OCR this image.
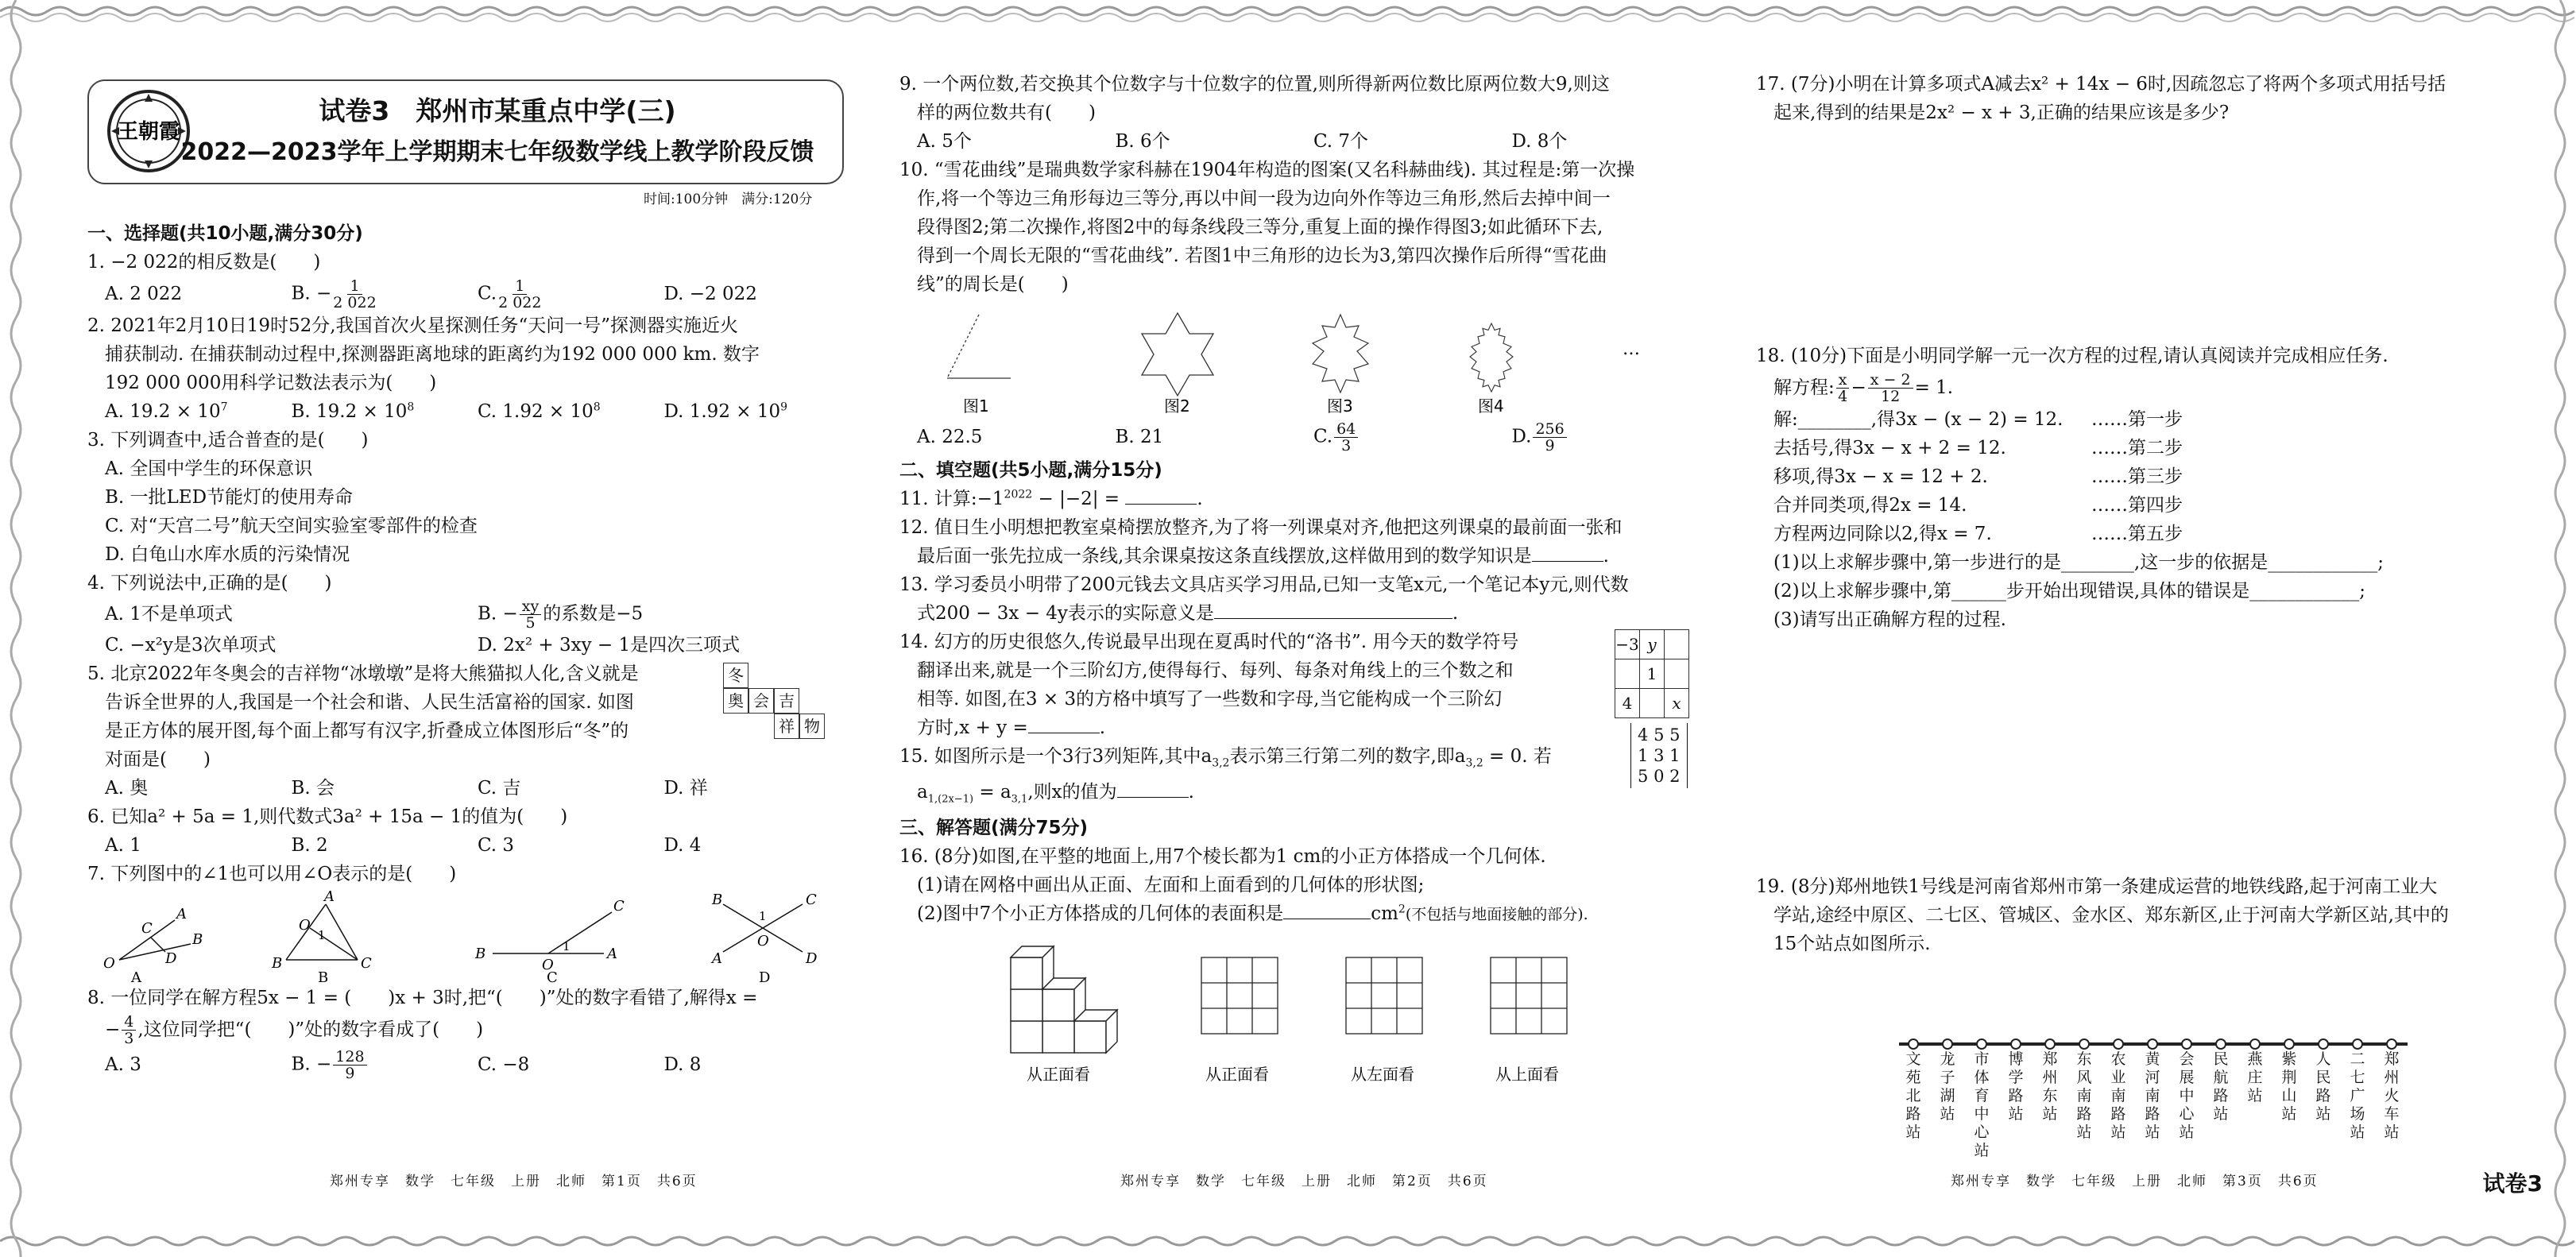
王朝霞
试卷3　郑州市某重点中学(三)
2022—2023学年上学期期末七年级数学线上教学阶段反馈
时间:100分钟　满分:120分
一、选择题(共10小题,满分30分)
1. −2 022的相反数是(　　)
A. 2 022	B. − $\frac{1}{2 022}$	C. $\frac{1}{2 022}$	D. −2 022
2. 2021年2月10日19时52分,我国首次火星探测任务“天问一号”探测器实施近火
捕获制动. 在捕获制动过程中,探测器距离地球的距离约为192 000 000 km. 数字
192 000 000用科学记数法表示为(　　)
A. $19.2 \times 10^7$	B. $19.2 \times 10^8$	C. $1.92 \times 10^8$	D. $1.92 \times 10^9$
3. 下列调查中,适合普查的是(　　)
A. 全国中学生的环保意识
B. 一批LED节能灯的使用寿命
C. 对“天宫二号”航天空间实验室零部件的检查
D. 白龟山水库水质的污染情况
4. 下列说法中,正确的是(　　)
A. 1不是单项式	B. − $\frac{xy}{5}$ 的系数是−5
C. −x²y是3次单项式	D. 2x² + 3xy − 1是四次三项式
5. 北京2022年冬奥会的吉祥物“冰墩墩”是将大熊猫拟人化,含义就是
告诉全世界的人,我国是一个社会和谐、人民生活富裕的国家. 如图
是正方体的展开图,每个面上都写有汉字,折叠成立体图形后“冬”的
对面是(　　)
冬
奥 会 吉
祥 物
A. 奥	B. 会	C. 吉	D. 祥
6. 已知a² + 5a = 1,则代数式3a² + 15a − 1的值为(　　)
A. 1	B. 2	C. 3	D. 4
7. 下列图中的∠1也可以用∠O表示的是(　　)
O
A
B
C
D
A
A
B	C
O
1
B
B	A
C
O
1
C
B	C
A	D
O
1
D
8. 一位同学在解方程5x − 1 = (　　)x + 3时,把“(　　)”处的数字看错了,解得x =
− $\frac{4}{3}$ ,这位同学把“(　　)”处的数字看成了(　　)
A. 3	B. − $\frac{128}{9}$	C. −8	D. 8
9. 一个两位数,若交换其个位数字与十位数字的位置,则所得新两位数比原两位数大9,则这
样的两位数共有(　　)
A. 5个	B. 6个	C. 7个	D. 8个
10. “雪花曲线”是瑞典数学家科赫在1904年构造的图案(又名科赫曲线). 其过程是:第一次操
作,将一个等边三角形每边三等分,再以中间一段为边向外作等边三角形,然后去掉中间一
段得图2;第二次操作,将图2中的每条线段三等分,重复上面的操作得图3;如此循环下去,
得到一个周长无限的“雪花曲线”. 若图1中三角形的边长为3,第四次操作后所得“雪花曲
线”的周长是(　　)
…
图1	图2	图3	图4
A. 22.5	B. 21	C. $\frac{64}{3}$	D. $\frac{256}{9}$
二、填空题(共5小题,满分15分)
11. 计算$:-1^{2022} - |-2|$ =	.
12. 值日生小明想把教室桌椅摆放整齐,为了将一列课桌对齐,他把这列课桌的最前面一张和
最后面一张先拉成一条线,其余课桌按这条直线摆放,这样做用到的数学知识是	.
13. 学习委员小明带了200元钱去文具店买学习用品,已知一支笔x元,一个笔记本y元,则代数
式200 − 3x − 4y表示的实际意义是	.
14. 幻方的历史很悠久,传说最早出现在夏禹时代的“洛书”. 用今天的数学符号
翻译出来,就是一个三阶幻方,使得每行、每列、每条对角线上的三个数之和
相等. 如图,在3 × 3的方格中填写了一些数和字母,当它能构成一个三阶幻
方时,x + y =	.
−3	y	
	1	
4		x
15. 如图所示是一个3行3列矩阵,其中$a_{3,2}$表示第三行第二列的数字,即$a_{3,2} = 0$. 若
$a_{1,(2x-1)} = a_{3,1}$,则x的值为	.
4 5 5
1 3 1
5 0 2
三、解答题(满分75分)
16. (8分)如图,在平整的地面上,用7个棱长都为1 cm的小正方体搭成一个几何体.
(1)请在网格中画出从正面、左面和上面看到的几何体的形状图;
(2)图中7个小正方体搭成的几何体的表面积是	$cm^2$(不包括与地面接触的部分).
从正面看	从正面看	从左面看	从上面看
17. (7分)小明在计算多项式A减去x² + 14x − 6时,因疏忽忘了将两个多项式用括号括
起来,得到的结果是2x² − x + 3,正确的结果应该是多少?
18. (10分)下面是小明同学解一元一次方程的过程,请认真阅读并完成相应任务.
解方程: $\frac{x}{4} - \frac{x - 2}{12} = 1$.
解:________,得3x − (x − 2) = 12.	……第一步
去括号,得3x − x + 2 = 12.	……第二步
移项,得3x − x = 12 + 2.	……第三步
合并同类项,得2x = 14.	……第四步
方程两边同除以2,得x = 7.	……第五步
(1)以上求解步骤中,第一步进行的是________,这一步的依据是____________;
(2)以上求解步骤中,第______步开始出现错误,具体的错误是____________;
(3)请写出正确解方程的过程.
19. (8分)郑州地铁1号线是河南省郑州市第一条建成运营的地铁线路,起于河南工业大
学站,途经中原区、二七区、管城区、金水区、郑东新区,止于河南大学新区站,其中的
15个站点如图所示.
文苑北路站
龙子湖站
市体育中心站
博学路站
郑州东站
东风南路站
农业南路站
黄河南路站
会展中心站
民航路站
燕庄站
紫荆山站
人民路站
二七广场站
郑州火车站
郑州专享　数学　七年级　上册　北师　第1页　共6页	郑州专享　数学　七年级　上册　北师　第2页　共6页	郑州专享　数学　七年级　上册　北师　第3页　共6页	试卷3
